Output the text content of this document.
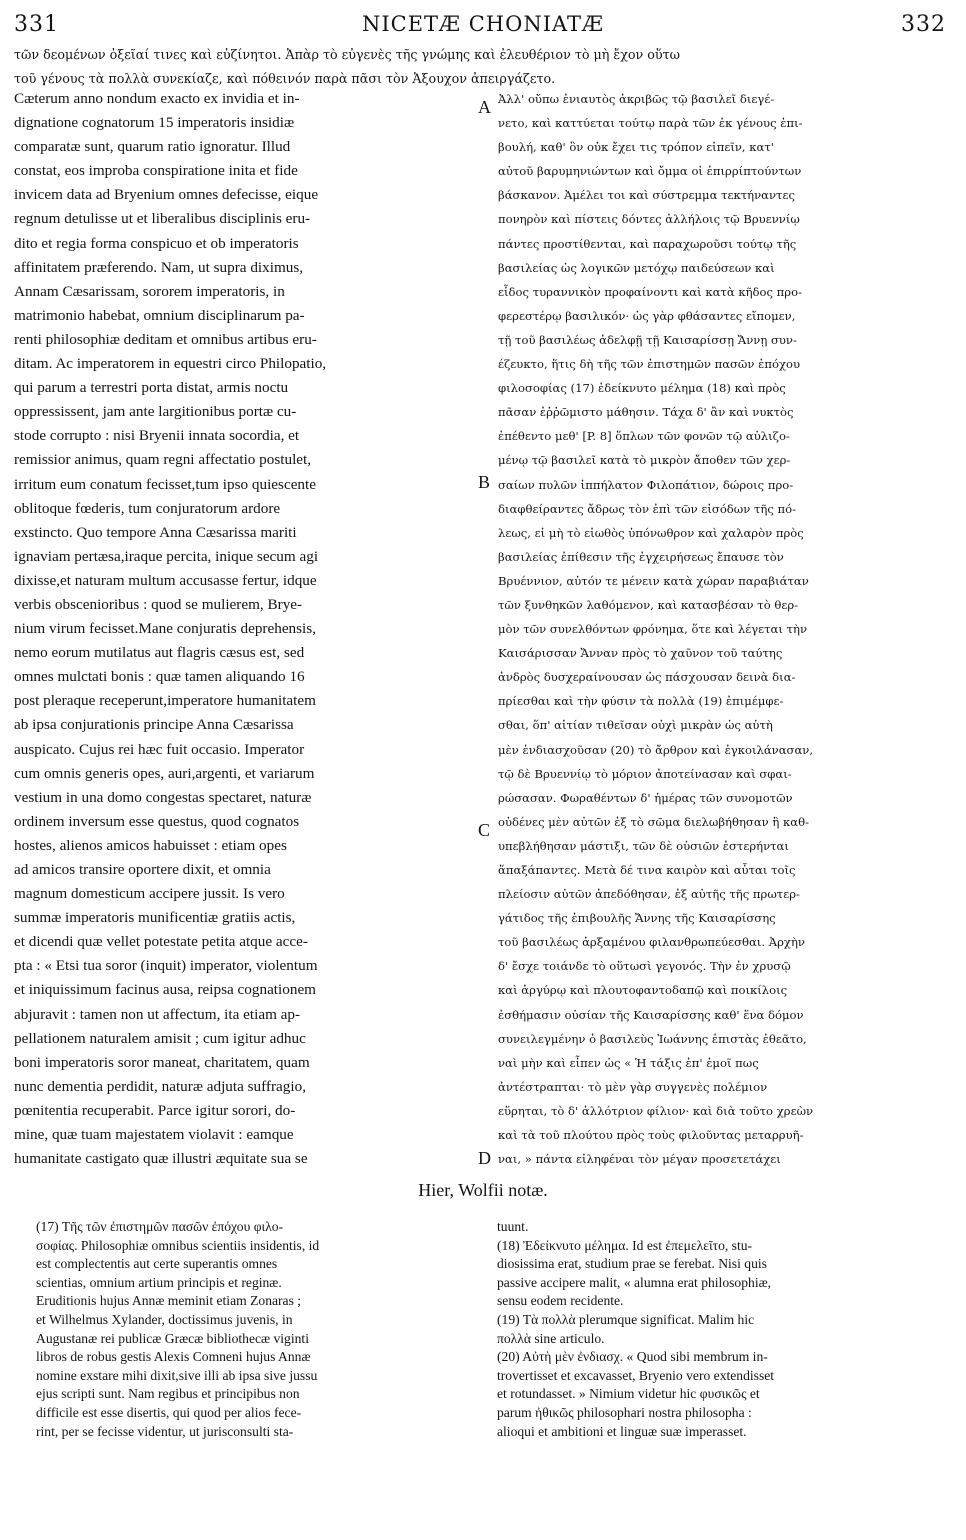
331	NICETÆ CHONIATÆ	332
τῶν δεομένων ὀξεῖαί τινες καὶ εὐζίνητοι. Ἀπὰρ τὸ εὐγενὲς τῆς γνώμης καὶ ἐλευθέριον τὸ μὴ ἔχον οὕτω
τοῦ γένους τὰ πολλὰ συνεκίαζε, καὶ πόθεινόν παρὰ πᾶσι τὸν Ἀξουχον ἀπειργάζετο.
Cæterum anno nondum exacto ex invidia et in-
dignatione cognatorum 15 imperatoris insidiæ
comparatæ sunt, quarum ratio ignoratur. Illud
constat, eos improba conspiratione inita et fide
invicem data ad Bryenium omnes defecisse, eique
regnum detulisse ut et liberalibus disciplinis eru-
dito et regia forma conspicuo et ob imperatoris
affinitatem præferendo. Nam, ut supra diximus,
Annam Cæsarissam, sororem imperatoris, in
matrimonio habebat, omnium disciplinarum pa-
renti philosophiæ deditam et omnibus artibus eru-
ditam. Ac imperatorem in equestri circo Philopatio,
qui parum a terrestri porta distat, armis noctu
oppressissent, jam ante largitionibus portæ cu-
stode corrupto : nisi Bryenii innata socordia, et
remissior animus, quam regni affectatio postulet,
irritum eum conatum fecisset,tum ipso quiescente
oblitoque fœderis, tum conjuratorum ardore
exstincto. Quo tempore Anna Cæsarissa mariti
ignaviam pertæsa,iraque percita, inique secum agi
dixisse,et naturam multum accusasse fertur, idque
verbis obscenioribus : quod se mulierem, Brye-
nium virum fecisset.Mane conjuratis deprehensis,
nemo eorum mutilatus aut flagris cæsus est, sed
omnes mulctati bonis : quæ tamen aliquando 16
post pleraque receperunt,imperatore humanitatem
ab ipsa conjurationis principe Anna Cæsarissa
auspicato. Cujus rei hæc fuit occasio. Imperator
cum omnis generis opes, auri,argenti, et variarum
vestium in una domo congestas spectaret, naturæ
ordinem inversum esse questus, quod cognatos
hostes, alienos amicos habuisset : etiam opes
ad amicos transire oportere dixit, et omnia
magnum domesticum accipere jussit. Is vero
summæ imperatoris munificentiæ gratiis actis,
et dicendi quæ vellet potestate petita atque acce-
pta : « Etsi tua soror (inquit) imperator, violentum
et iniquissimum facinus ausa, reipsa cognationem
abjuravit : tamen non ut affectum, ita etiam ap-
pellationem naturalem amisit ; cum igitur adhuc
boni imperatoris soror maneat, charitatem, quam
nunc dementia perdidit, naturæ adjuta suffragio,
pœnitentia recuperabit. Parce igitur sorori, do-
mine, quæ tuam majestatem violavit : eamque
humanitate castigato quæ illustri æquitate sua se
Ἀλλ' οὔπω ἐνιαυτὸς ἀκριβῶς τῷ βασιλεῖ διεγέ-
νετο, καὶ καττύεται τούτῳ παρὰ τῶν ἐκ γένους ἐπι-
βουλή, καθ' ὃν οὐκ ἔχει τις τρόπον εἰπεῖν, κατ'
αὐτοῦ βαρυμηνιώντων καὶ ὄμμα οἱ ἐπιρρίπτούντων
βάσκανον. Ἀμέλει τοι καὶ σύστρεμμα τεκτήναντες
πονηρὸν καὶ πίστεις δόντες ἀλλήλοις τῷ Βρυεννίῳ
πάντες προστίθενται, καὶ παραχωροῦσι τούτῳ τῆς
βασιλείας ὡς λογικῶν μετόχῳ παιδεύσεων καὶ
εἶδος τυραννικὸν προφαίνοντι καὶ κατὰ κῆδος προ-
φερεστέρῳ βασιλικόν· ὡς γὰρ φθάσαντες εἴπομεν,
τῇ τοῦ βασιλέως ἀδελφῇ τῇ Καισαρίσσῃ Ἄννῃ συν-
έζευκτο, ἥτις δὴ τῆς τῶν ἐπιστημῶν πασῶν ἐπόχου
φιλοσοφίας (17) ἐδείκνυτο μέλημα (18) καὶ πρὸς
πᾶσαν ἐῤῥῶμιστο μάθησιν. Τάχα δ' ἂν καὶ νυκτὸς
ἐπέθεντο μεθ' [P. 8] ὅπλων τῶν φονῶν τῷ αὐλιζο-
μένῳ τῷ βασιλεῖ κατὰ τὸ μικρὸν ἄποθεν τῶν χερ-
σαίων πυλῶν ἱππήλατον Φιλοπάτιον, δώροις προ-
διαφθείραντες ἄδρως τὸν ἐπὶ τῶν εἰσόδων τῆς πό-
λεως, εἰ μὴ τὸ εἰωθὸς ὑπόνωθρον καὶ χαλαρὸν πρὸς
βασιλείας ἐπίθεσιν τῆς ἐγχειρήσεως ἔπαυσε τὸν
Βρυέννιον, αὐτόν τε μένειν κατὰ χώραν παραβιάταν
τῶν ξυνθηκῶν λαθόμενον, καὶ κατασβέσαν τὸ θερ-
μὸν τῶν συνελθόντων φρόνημα, ὅτε καὶ λέγεται τὴν
Καισάρισσαν Ἄνναν πρὸς τὸ χαῦνον τοῦ ταύτης
ἀνδρὸς δυσχεραίνουσαν ὡς πάσχουσαν δεινὰ δια-
πρίεσθαι καὶ τὴν φύσιν τὰ πολλὰ (19) ἐπιμέμφε-
σθαι, ὅπ' αἰτίαν τιθεῖσαν οὐχὶ μικρὰν ὡς αὐτὴ
μὲν ἐνδιασχοῦσαν (20) τὸ ἄρθρον καὶ ἐγκοιλάνασαν,
τῷ δὲ Βρυεννίῳ τὸ μόριον ἀποτείνασαν καὶ σφαι-
ρώσασαν. Φωραθέντων δ' ἡμέρας τῶν συνομοτῶν
οὐδένες μὲν αὐτῶν ἐξ τὸ σῶμα διελωβήθησαν ἢ καθ-
υπεβλήθησαν μάστιξι, τῶν δὲ οὐσιῶν ἐστερήνται
ἅπαξάπαντες. Μετὰ δέ τινα καιρὸν καὶ αὗται τοῖς
πλείοσιν αὐτῶν ἀπεδόθησαν, ἐξ αὐτῆς τῆς πρωτερ-
γάτιδος τῆς ἐπιβουλῆς Ἄννης τῆς Καισαρίσσης
τοῦ βασιλέως ἀρξαμένου φιλανθρωπεύεσθαι. Ἀρχὴν
δ' ἔσχε τοιάνδε τὸ οὕτωσὶ γεγονός. Τὴν ἐν χρυσῷ
καὶ ἀργύρῳ καὶ πλουτοφαντοδαπῷ καὶ ποικίλοις
ἐσθήμασιν οὐσίαν τῆς Καισαρίσσης καθ' ἕνα δόμον
συνειλεγμένην ὁ βασιλεὺς Ἰωάννης ἐπιστὰς ἐθεᾶτο,
ναὶ μὴν καὶ εἶπεν ὡς « Ἡ τάξις ἐπ' ἐμοῖ πως
ἀντέστραπται· τὸ μὲν γὰρ συγγενὲς πολέμιον
εὕρηται, τὸ δ' ἀλλότριον φίλιον· καὶ διὰ τοῦτο χρεὼν
καὶ τὰ τοῦ πλούτου πρὸς τοὺς φιλοῦντας μεταρρυῆ-
ναι, » πάντα εἰληφέναι τὸν μέγαν προσετετάχει
A
B
C
D
Hier, Wolfii notæ.
(17) Τῆς τῶν ἐπιστημῶν πασῶν ἐπόχου φιλο-
σοφίας. Philosophiæ omnibus scientiis insidentis, id
est complectentis aut certe superantis omnes
scientias, omnium artium principis et reginæ.
Eruditionis hujus Annæ meminit etiam Zonaras ;
et Wilhelmus Xylander, doctissimus juvenis, in
Augustanæ rei publicæ Græcæ bibliothecæ viginti
libros de robus gestis Alexis Comneni hujus Annæ
nomine exstare mihi dixit,sive illi ab ipsa sive jussu
ejus scripti sunt. Nam regibus et principibus non
difficile est esse disertis, qui quod per alios fece-
rint, per se fecisse videntur, ut jurisconsulti sta-
tuunt.
(18) Ἐδείκνυτο μέλημα. Id est ἐπεμελεῖτο, stu-
diosissima erat, studium prae se ferebat. Nisi quis
passive accipere malit, « alumna erat philosophiæ,
sensu eodem recidente.
(19) Τὰ πολλὰ plerumque significat. Malim hic
πολλὰ sine articulo.
(20) Αὐτὴ μὲν ἐνδιασχ. « Quod sibi membrum in-
trovertisset et excavasset, Bryenio vero extendisset
et rotundasset. » Nimium videtur hic φυσικῶς et
parum ἠθικῶς philosophari nostra philosopha :
alioqui et ambitioni et linguæ suæ imperasset.
